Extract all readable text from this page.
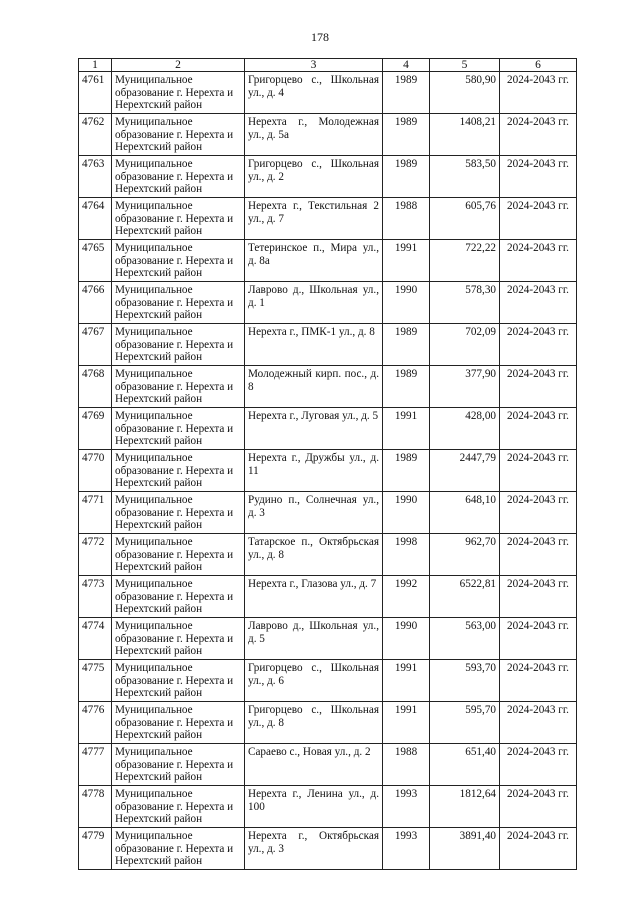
178
1	2	3	4	5	6
4761	Муниципальное образование г. Нерехта и Нерехтский район	Григорцево с., Школьная ул., д. 4	1989	580,90	2024-2043 гг.
4762	Муниципальное образование г. Нерехта и Нерехтский район	Нерехта г., Молодежная ул., д. 5а	1989	1408,21	2024-2043 гг.
4763	Муниципальное образование г. Нерехта и Нерехтский район	Григорцево с., Школьная ул., д. 2	1989	583,50	2024-2043 гг.
4764	Муниципальное образование г. Нерехта и Нерехтский район	Нерехта г., Текстильная 2 ул., д. 7	1988	605,76	2024-2043 гг.
4765	Муниципальное образование г. Нерехта и Нерехтский район	Тетеринское п., Мира ул., д. 8а	1991	722,22	2024-2043 гг.
4766	Муниципальное образование г. Нерехта и Нерехтский район	Лаврово д., Школьная ул., д. 1	1990	578,30	2024-2043 гг.
4767	Муниципальное образование г. Нерехта и Нерехтский район	Нерехта г., ПМК-1 ул., д. 8	1989	702,09	2024-2043 гг.
4768	Муниципальное образование г. Нерехта и Нерехтский район	Молодежный кирп. пос., д. 8	1989	377,90	2024-2043 гг.
4769	Муниципальное образование г. Нерехта и Нерехтский район	Нерехта г., Луговая ул., д. 5	1991	428,00	2024-2043 гг.
4770	Муниципальное образование г. Нерехта и Нерехтский район	Нерехта г., Дружбы ул., д. 11	1989	2447,79	2024-2043 гг.
4771	Муниципальное образование г. Нерехта и Нерехтский район	Рудино п., Солнечная ул., д. 3	1990	648,10	2024-2043 гг.
4772	Муниципальное образование г. Нерехта и Нерехтский район	Татарское п., Октябрьская ул., д. 8	1998	962,70	2024-2043 гг.
4773	Муниципальное образование г. Нерехта и Нерехтский район	Нерехта г., Глазова ул., д. 7	1992	6522,81	2024-2043 гг.
4774	Муниципальное образование г. Нерехта и Нерехтский район	Лаврово д., Школьная ул., д. 5	1990	563,00	2024-2043 гг.
4775	Муниципальное образование г. Нерехта и Нерехтский район	Григорцево с., Школьная ул., д. 6	1991	593,70	2024-2043 гг.
4776	Муниципальное образование г. Нерехта и Нерехтский район	Григорцево с., Школьная ул., д. 8	1991	595,70	2024-2043 гг.
4777	Муниципальное образование г. Нерехта и Нерехтский район	Сараево с., Новая ул., д. 2	1988	651,40	2024-2043 гг.
4778	Муниципальное образование г. Нерехта и Нерехтский район	Нерехта г., Ленина ул., д. 100	1993	1812,64	2024-2043 гг.
4779	Муниципальное образование г. Нерехта и Нерехтский район	Нерехта г., Октябрьская ул., д. 3	1993	3891,40	2024-2043 гг.
